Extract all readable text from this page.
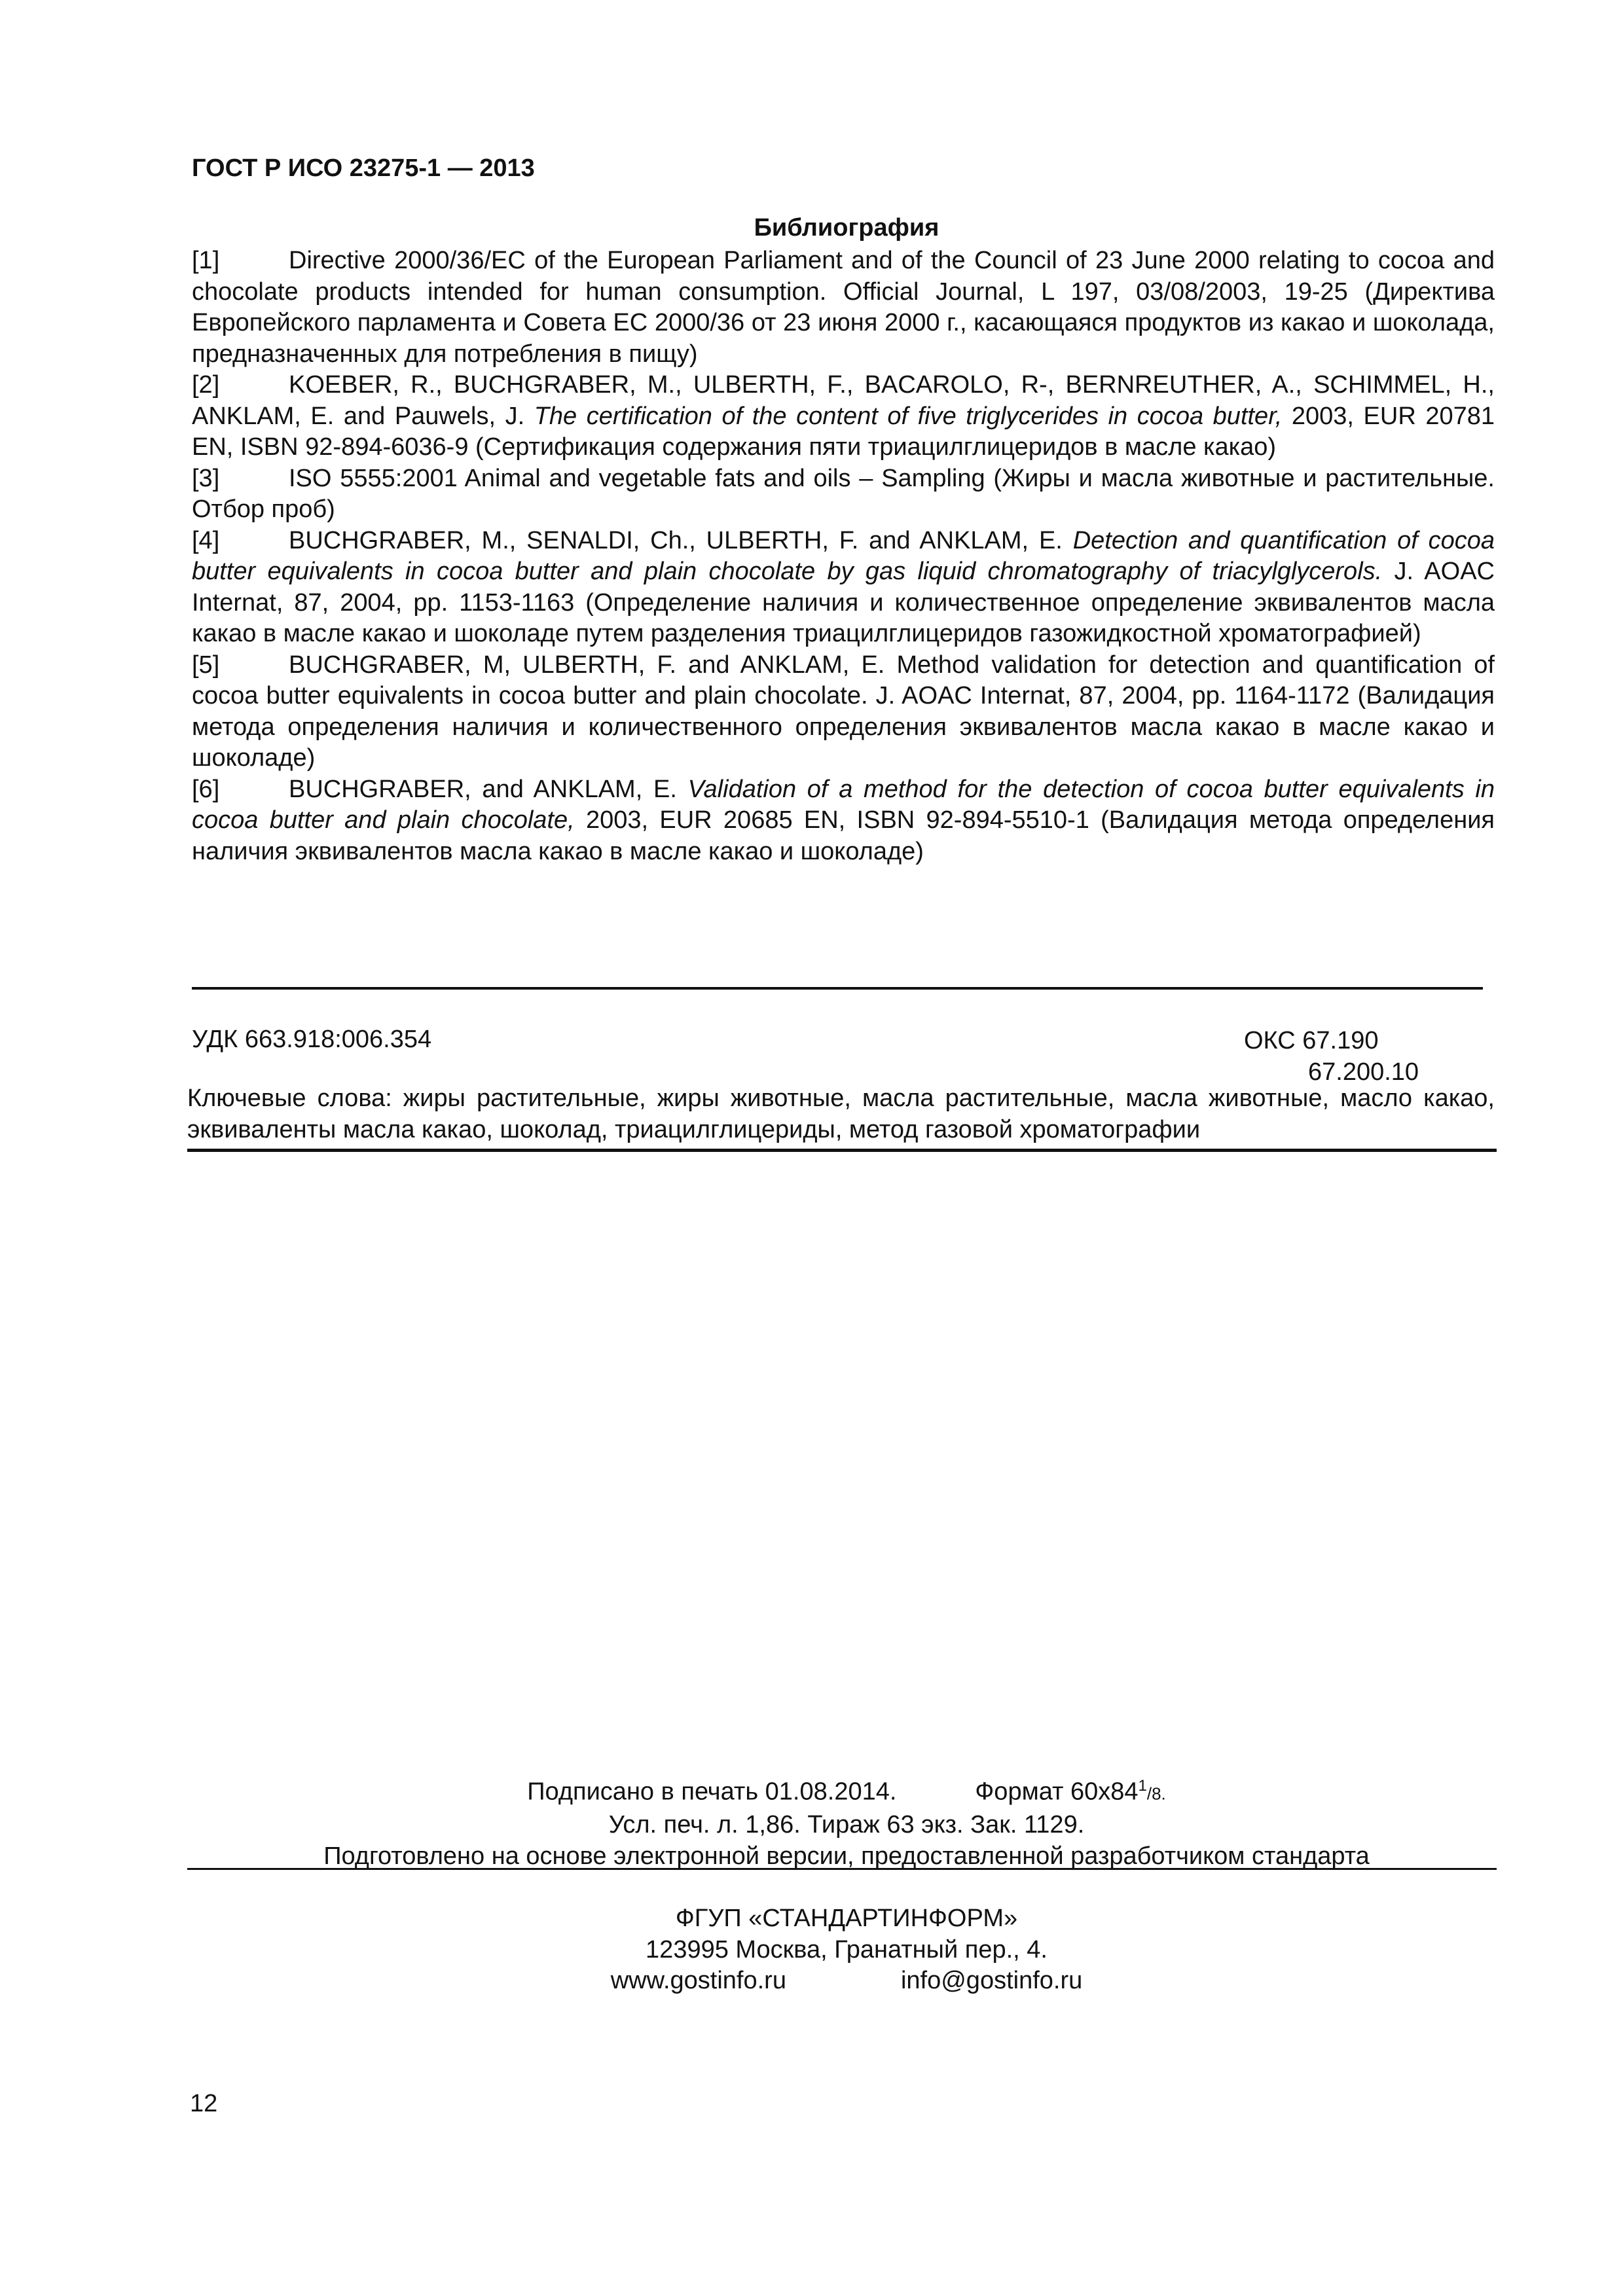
ГОСТ Р ИСО 23275-1 — 2013
Библиография

[1]	Directive 2000/36/EC of the European Parliament and of the Council of 23 June 2000 relating to cocoa and chocolate products intended for human consumption. Official Journal, L 197, 03/08/2003, 19-25 (Директива Европейского парламента и Совета ЕС 2000/36 от 23 июня 2000 г., касающаяся продуктов из какао и шоколада, предназначенных для потребления в пищу)

[2]	KOEBER, R., BUCHGRABER, M., ULBERTH, F., BACAROLO, R-, BERNREUTHER, A., SCHIMMEL, H., ANKLAM, E. and Pauwels, J. The certification of the content of five triglycerides in cocoa butter, 2003, EUR 20781 EN, ISBN 92-894-6036-9 (Сертификация содержания пяти триацилглицеридов в масле какао)

[3]	ISO 5555:2001 Animal and vegetable fats and oils – Sampling (Жиры и масла животные и растительные. Отбор проб)

[4]	BUCHGRABER, M., SENALDI, Ch., ULBERTH, F. and ANKLAM, E. Detection and quantification of cocoa butter equivalents in cocoa butter and plain chocolate by gas liquid chromatography of triacylglycerols. J. AOAC Internat, 87, 2004, pp. 1153-1163 (Определение наличия и количественное определение эквивалентов масла какао в масле какао и шоколаде путем разделения триацилглицеридов газожидкостной хроматографией)

[5]	BUCHGRABER, M, ULBERTH, F. and ANKLAM, E. Method validation for detection and quantification of cocoa butter equivalents in cocoa butter and plain chocolate. J. AOAC Internat, 87, 2004, pp. 1164-1172 (Валидация метода определения наличия и количественного определения эквивалентов масла какао в масле какао и шоколаде)

[6]	BUCHGRABER, and ANKLAM, E. Validation of a method for the detection of cocoa butter equivalents in cocoa butter and plain chocolate, 2003, EUR 20685 EN, ISBN 92-894-5510-1 (Валидация метода определения наличия эквивалентов масла какао в масле какао и шоколаде)

УДК 663.918:006.354	ОКС 67.190
67.200.10
Ключевые слова: жиры растительные, жиры животные, масла растительные, масла животные, масло какао, эквиваленты масла какао, шоколад, триацилглицериды, метод газовой хроматографии
Подписано в печать 01.08.2014.	Формат $60x84^1/8$.
Усл. печ. л. 1,86. Тираж 63 экз. Зак. 1129.
Подготовлено на основе электронной версии, предоставленной разработчиком стандарта
ФГУП «СТАНДАРТИНФОРМ»
123995 Москва, Гранатный пер., 4.
www.gostinfo.ru	info@gostinfo.ru
12
